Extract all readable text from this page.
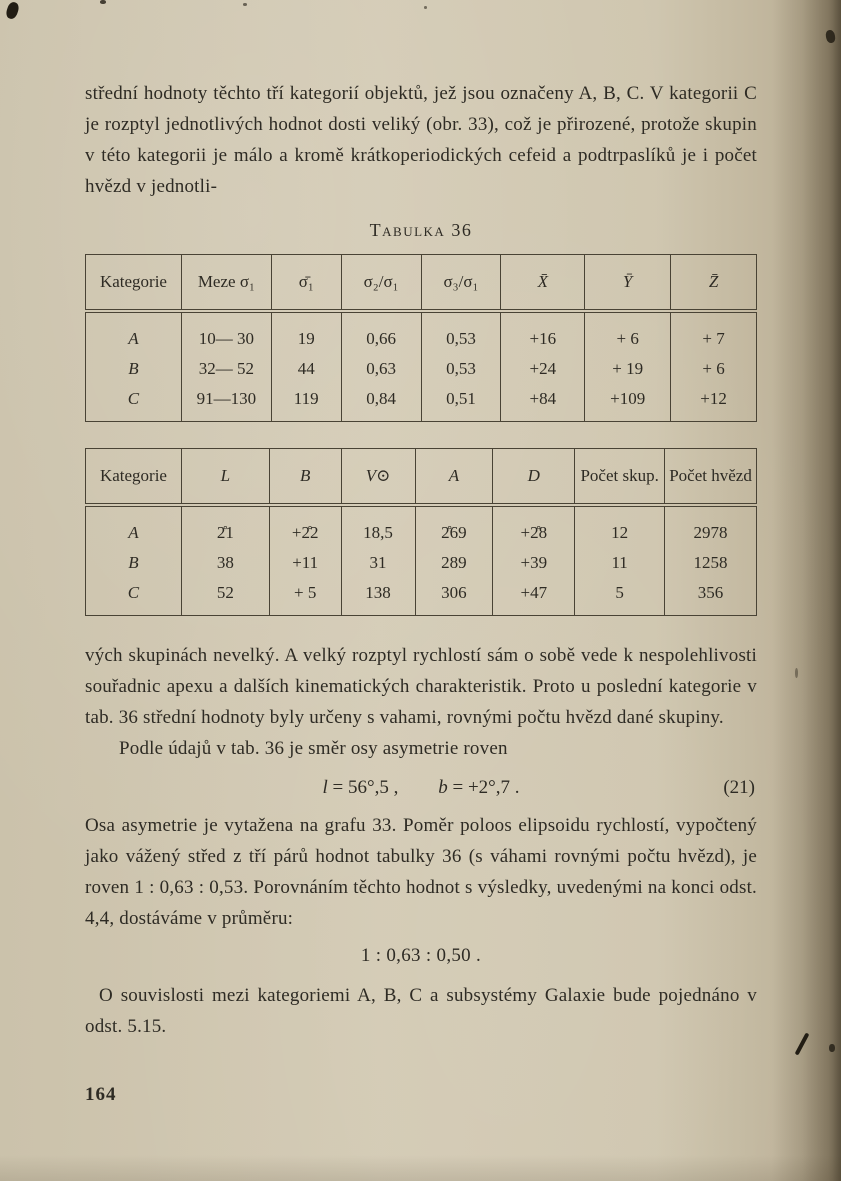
střední hodnoty těchto tří kategorií objektů, jež jsou označeny A, B, C. V kategorii C je rozptyl jednotlivých hodnot dosti veliký (obr. 33), což je přirozené, protože skupin v této kategorii je málo a kromě krátkoperiodických cefeid a podtrpaslíků je i počet hvězd v jednotli-

Tabulka 36
Kategorie	Meze σ₁	σ̄₁	σ₂/σ₁	σ₃/σ₁	X̄	Ȳ	Z̄
A	10— 30	19	0,66	0,53	+16	+ 6	+ 7
B	32— 52	44	0,63	0,53	+24	+ 19	+ 6
C	91—130	119	0,84	0,51	+84	+109	+12
Kategorie	L	B	V⊙	A	D	Počet skup.	Počet hvězd
A	2̊1	+2̊2	18,5	2̊69	+2̊8	12	2978
B	38	+11	31	289	+39	11	1258
C	52	+ 5	138	306	+47	5	356

vých skupinách nevelký. A velký rozptyl rychlostí sám o sobě vede k nespolehlivosti souřadnic apexu a dalších kinematických charakteristik. Proto u poslední kategorie v tab. 36 střední hodnoty byly určeny s vahami, rovnými počtu hvězd dané skupiny.

Podle údajů v tab. 36 je směr osy asymetrie roven

l = 56°,5 , b = +2°,7 .	(21)

Osa asymetrie je vytažena na grafu 33. Poměr poloos elipsoidu rychlostí, vypočtený jako vážený střed z tří párů hodnot tabulky 36 (s váhami rovnými počtu hvězd), je roven 1 : 0,63 : 0,53. Porovnáním těchto hodnot s výsledky, uvedenými na konci odst. 4,4, dostáváme v průměru:

1 : 0,63 : 0,50 .

O souvislosti mezi kategoriemi A, B, C a subsystémy Galaxie bude pojednáno v odst. 5.15.

164
